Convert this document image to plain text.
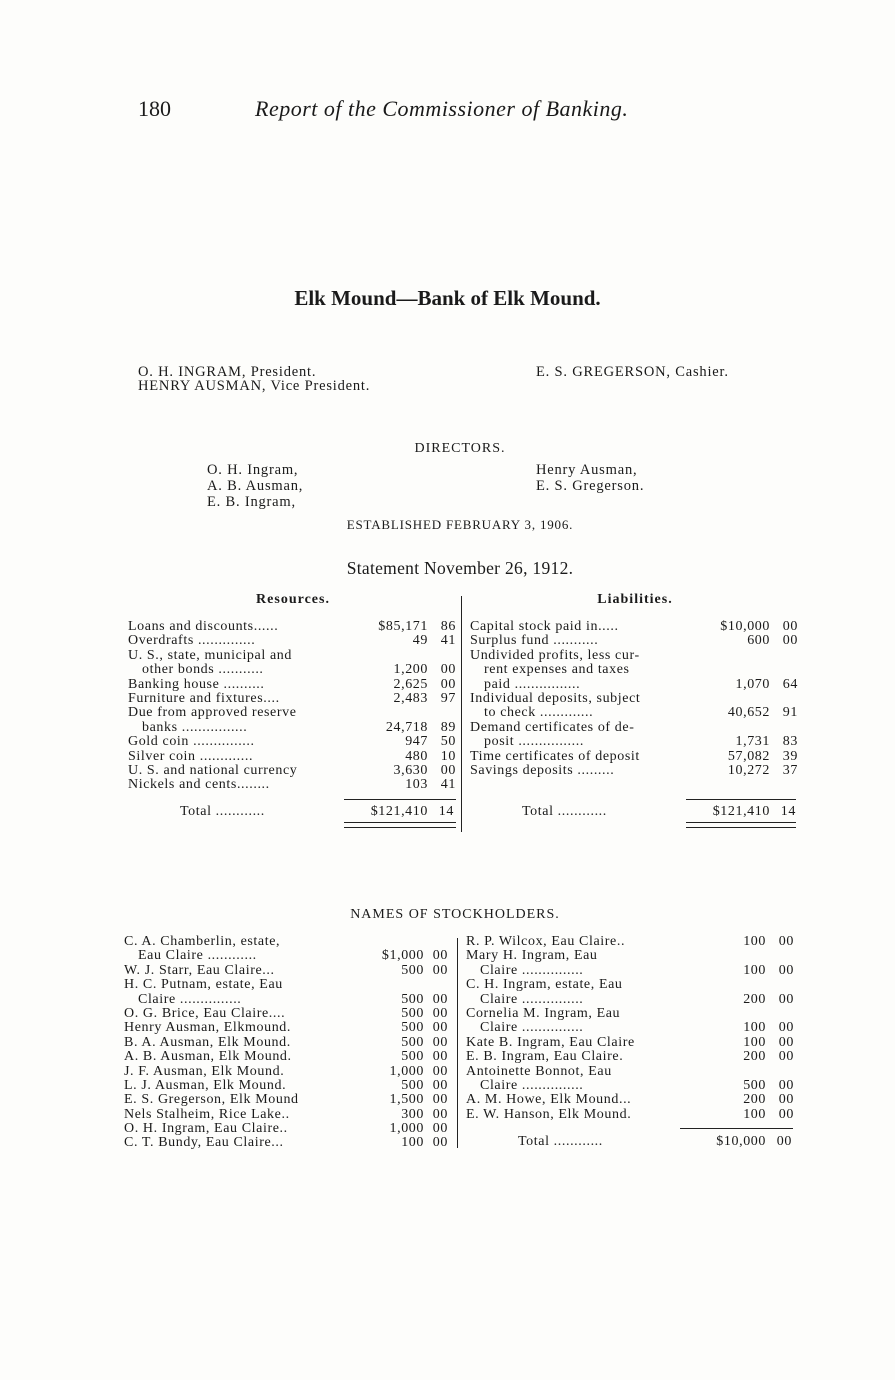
180	Report of the Commissioner of Banking.
Elk Mound—Bank of Elk Mound.
O. H. INGRAM, President.
HENRY AUSMAN, Vice President.
E. S. GREGERSON, Cashier.
DIRECTORS.
O. H. Ingram,
A. B. Ausman,
E. B. Ingram,
Henry Ausman,
E. S. Gregerson.
ESTABLISHED FEBRUARY 3, 1906.
Statement November 26, 1912.
Resources.
Loans and discounts......	$85,171 86
Overdrafts ..............	49 41
U. S., state, municipal and
other bonds ...........	1,200 00
Banking house ..........	2,625 00
Furniture and fixtures....	2,483 97
Due from approved reserve
banks ................	24,718 89
Gold coin ...............	947 50
Silver coin .............	480 10
U. S. and national currency	3,630 00
Nickels and cents........	103 41
Liabilities.
Capital stock paid in.....	$10,000 00
Surplus fund ...........	600 00
Undivided profits, less cur-
rent expenses and taxes
paid ................	1,070 64
Individual deposits, subject
to check .............	40,652 91
Demand certificates of de-
posit ................	1,731 83
Time certificates of deposit	57,082 39
Savings deposits .........	10,272 37
Total ............	$121,410 14	Total ............	$121,410 14
NAMES OF STOCKHOLDERS.
C. A. Chamberlin, estate,
Eau Claire ............	$1,000 00
W. J. Starr, Eau Claire...	500 00
H. C. Putnam, estate, Eau
Claire ...............	500 00
O. G. Brice, Eau Claire....	500 00
Henry Ausman, Elkmound.	500 00
B. A. Ausman, Elk Mound.	500 00
A. B. Ausman, Elk Mound.	500 00
J. F. Ausman, Elk Mound.	1,000 00
L. J. Ausman, Elk Mound.	500 00
E. S. Gregerson, Elk Mound	1,500 00
Nels Stalheim, Rice Lake..	300 00
O. H. Ingram, Eau Claire..	1,000 00
C. T. Bundy, Eau Claire...	100 00
R. P. Wilcox, Eau Claire..	100 00
Mary H. Ingram, Eau
Claire ...............	100 00
C. H. Ingram, estate, Eau
Claire ...............	200 00
Cornelia M. Ingram, Eau
Claire ...............	100 00
Kate B. Ingram, Eau Claire	100 00
E. B. Ingram, Eau Claire.	200 00
Antoinette Bonnot, Eau
Claire ...............	500 00
A. M. Howe, Elk Mound...	200 00
E. W. Hanson, Elk Mound.	100 00
Total ............	$10,000 00
